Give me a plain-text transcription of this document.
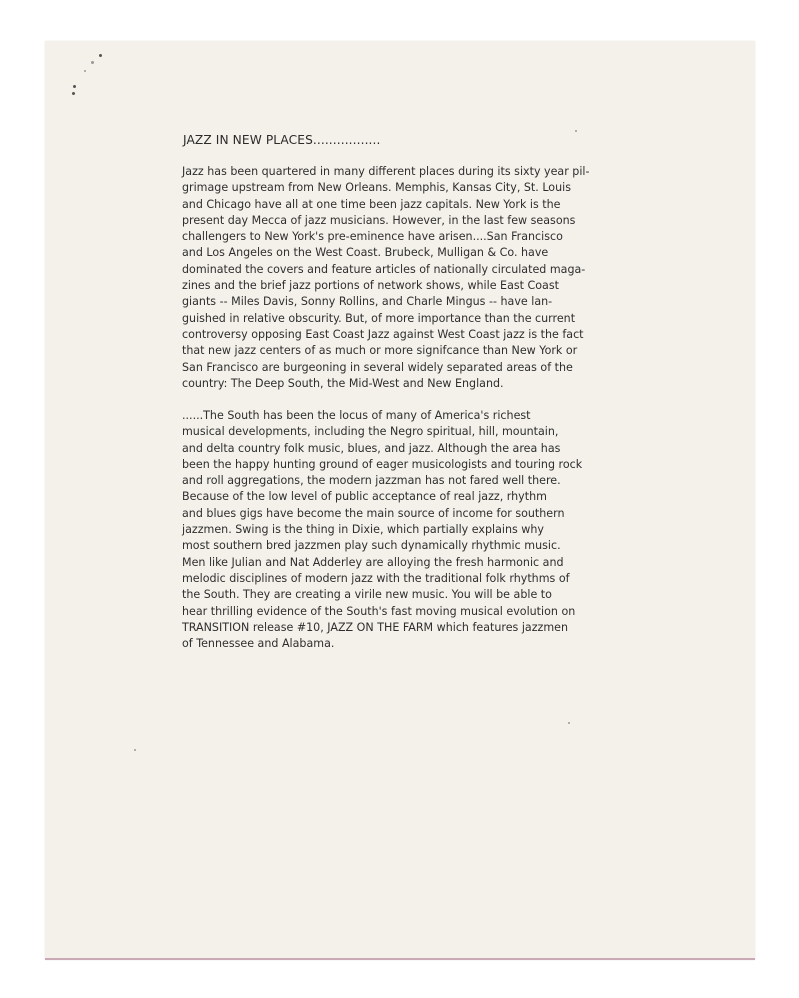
JAZZ IN NEW PLACES.................
Jazz has been quartered in many different places during its sixty year pil-
grimage upstream from New Orleans. Memphis, Kansas City, St. Louis
and Chicago have all at one time been jazz capitals. New York is the
present day Mecca of jazz musicians. However, in the last few seasons
challengers to New York's pre-eminence have arisen....San Francisco
and Los Angeles on the West Coast. Brubeck, Mulligan & Co. have
dominated the covers and feature articles of nationally circulated maga-
zines and the brief jazz portions of network shows, while East Coast
giants -- Miles Davis, Sonny Rollins, and Charle Mingus -- have lan-
guished in relative obscurity. But, of more importance than the current
controversy opposing East Coast Jazz against West Coast jazz is the fact
that new jazz centers of as much or more signifcance than New York or
San Francisco are burgeoning in several widely separated areas of the
country: The Deep South, the Mid-West and New England.
......The South has been the locus of many of America's richest
musical developments, including the Negro spiritual, hill, mountain,
and delta country folk music, blues, and jazz. Although the area has
been the happy hunting ground of eager musicologists and touring rock
and roll aggregations, the modern jazzman has not fared well there.
Because of the low level of public acceptance of real jazz, rhythm
and blues gigs have become the main source of income for southern
jazzmen. Swing is the thing in Dixie, which partially explains why
most southern bred jazzmen play such dynamically rhythmic music.
Men like Julian and Nat Adderley are alloying the fresh harmonic and
melodic disciplines of modern jazz with the traditional folk rhythms of
the South. They are creating a virile new music. You will be able to
hear thrilling evidence of the South's fast moving musical evolution on
TRANSITION release #10, JAZZ ON THE FARM which features jazzmen
of Tennessee and Alabama.
